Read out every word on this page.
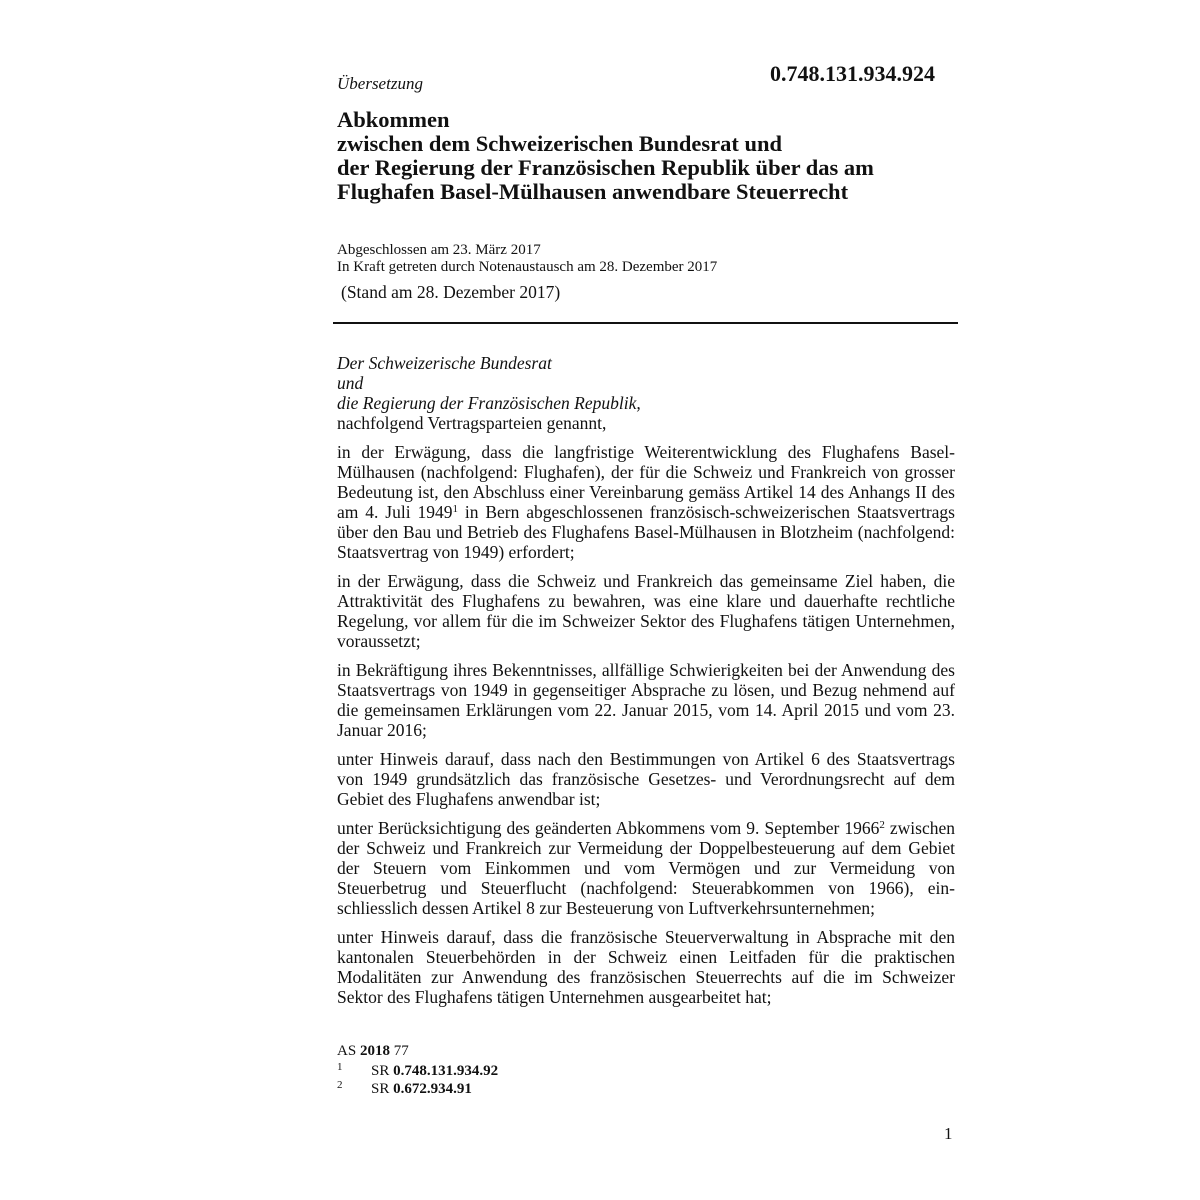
Übersetzung	0.748.131.934.924
Abkommen
zwischen dem Schweizerischen Bundesrat und
der Regierung der Französischen Republik über das am
Flughafen Basel-Mülhausen anwendbare Steuerrecht
Abgeschlossen am 23. März 2017
In Kraft getreten durch Notenaustausch am 28. Dezember 2017
(Stand am 28. Dezember 2017)
Der Schweizerische Bundesrat
und
die Regierung der Französischen Republik,
nachfolgend Vertragsparteien genannt,
in der Erwägung, dass die langfristige Weiterentwicklung des Flughafens Basel-Mülhausen (nachfolgend: Flughafen), der für die Schweiz und Frankreich von grosser Bedeutung ist, den Abschluss einer Vereinbarung gemäss Artikel 14 des Anhangs II des am 4. Juli 1949$^1$ in Bern abgeschlossenen französisch-schweizerischen Staatsvertrags über den Bau und Betrieb des Flughafens Basel-Mülhausen in Blotzheim (nachfolgend: Staatsvertrag von 1949) erfordert;
in der Erwägung, dass die Schweiz und Frankreich das gemeinsame Ziel haben, die Attraktivität des Flughafens zu bewahren, was eine klare und dauerhafte rechtliche Regelung, vor allem für die im Schweizer Sektor des Flughafens tätigen Unternehmen, voraussetzt;
in Bekräftigung ihres Bekenntnisses, allfällige Schwierigkeiten bei der Anwendung des Staatsvertrags von 1949 in gegenseitiger Absprache zu lösen, und Bezug nehmend auf die gemeinsamen Erklärungen vom 22. Januar 2015, vom 14. April 2015 und vom 23. Januar 2016;
unter Hinweis darauf, dass nach den Bestimmungen von Artikel 6 des Staatsvertrags von 1949 grundsätzlich das französische Gesetzes- und Verordnungsrecht auf dem Gebiet des Flughafens anwendbar ist;
unter Berücksichtigung des geänderten Abkommens vom 9. September 1966$^2$ zwischen der Schweiz und Frankreich zur Vermeidung der Doppelbesteuerung auf dem Gebiet der Steuern vom Einkommen und vom Vermögen und zur Vermeidung von Steuerbetrug und Steuerflucht (nachfolgend: Steuerabkommen von 1966), einschliesslich dessen Artikel 8 zur Besteuerung von Luftverkehrsunternehmen;
unter Hinweis darauf, dass die französische Steuerverwaltung in Absprache mit den kantonalen Steuerbehörden in der Schweiz einen Leitfaden für die praktischen Modalitäten zur Anwendung des französischen Steuerrechts auf die im Schweizer Sektor des Flughafens tätigen Unternehmen ausgearbeitet hat;
AS 2018 77
1	SR 0.748.131.934.92
2	SR 0.672.934.91
1
